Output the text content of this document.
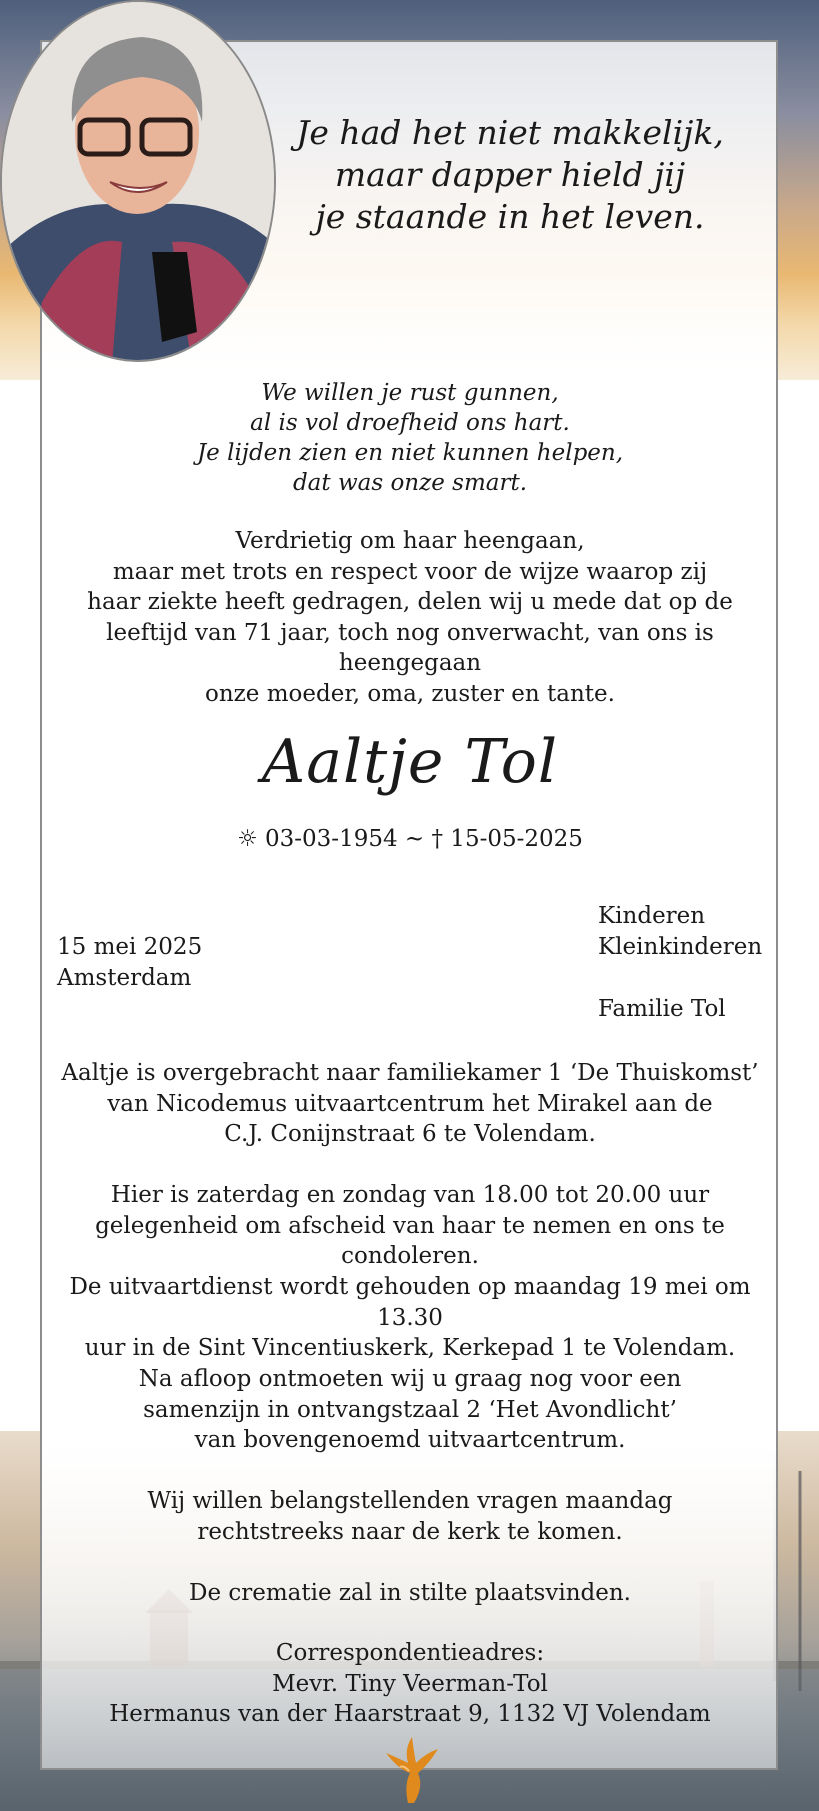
Je had het niet makkelijk,
maar dapper hield jij
je staande in het leven.
We willen je rust gunnen,
al is vol droefheid ons hart.
Je lijden zien en niet kunnen helpen,
dat was onze smart.
Verdrietig om haar heengaan,
maar met trots en respect voor de wijze waarop zij
haar ziekte heeft gedragen, delen wij u mede dat op de
leeftijd van 71 jaar, toch nog onverwacht, van ons is heengegaan
onze moeder, oma, zuster en tante.
Aaltje Tol
☼ 03-03-1954 ~ † 15-05-2025
15 mei 2025
Amsterdam
Kinderen
Kleinkinderen

Familie Tol
Aaltje is overgebracht naar familiekamer 1 ‘De Thuiskomst’
van Nicodemus uitvaartcentrum het Mirakel aan de
C.J. Conijnstraat 6 te Volendam.
Hier is zaterdag en zondag van 18.00 tot 20.00 uur
gelegenheid om afscheid van haar te nemen en ons te condoleren.
De uitvaartdienst wordt gehouden op maandag 19 mei om 13.30
uur in de Sint Vincentiuskerk, Kerkepad 1 te Volendam.
Na afloop ontmoeten wij u graag nog voor een
samenzijn in ontvangstzaal 2 ‘Het Avondlicht’
van bovengenoemd uitvaartcentrum.
Wij willen belangstellenden vragen maandag
rechtstreeks naar de kerk te komen.
De crematie zal in stilte plaatsvinden.
Correspondentieadres:
Mevr. Tiny Veerman-Tol
Hermanus van der Haarstraat 9, 1132 VJ Volendam
